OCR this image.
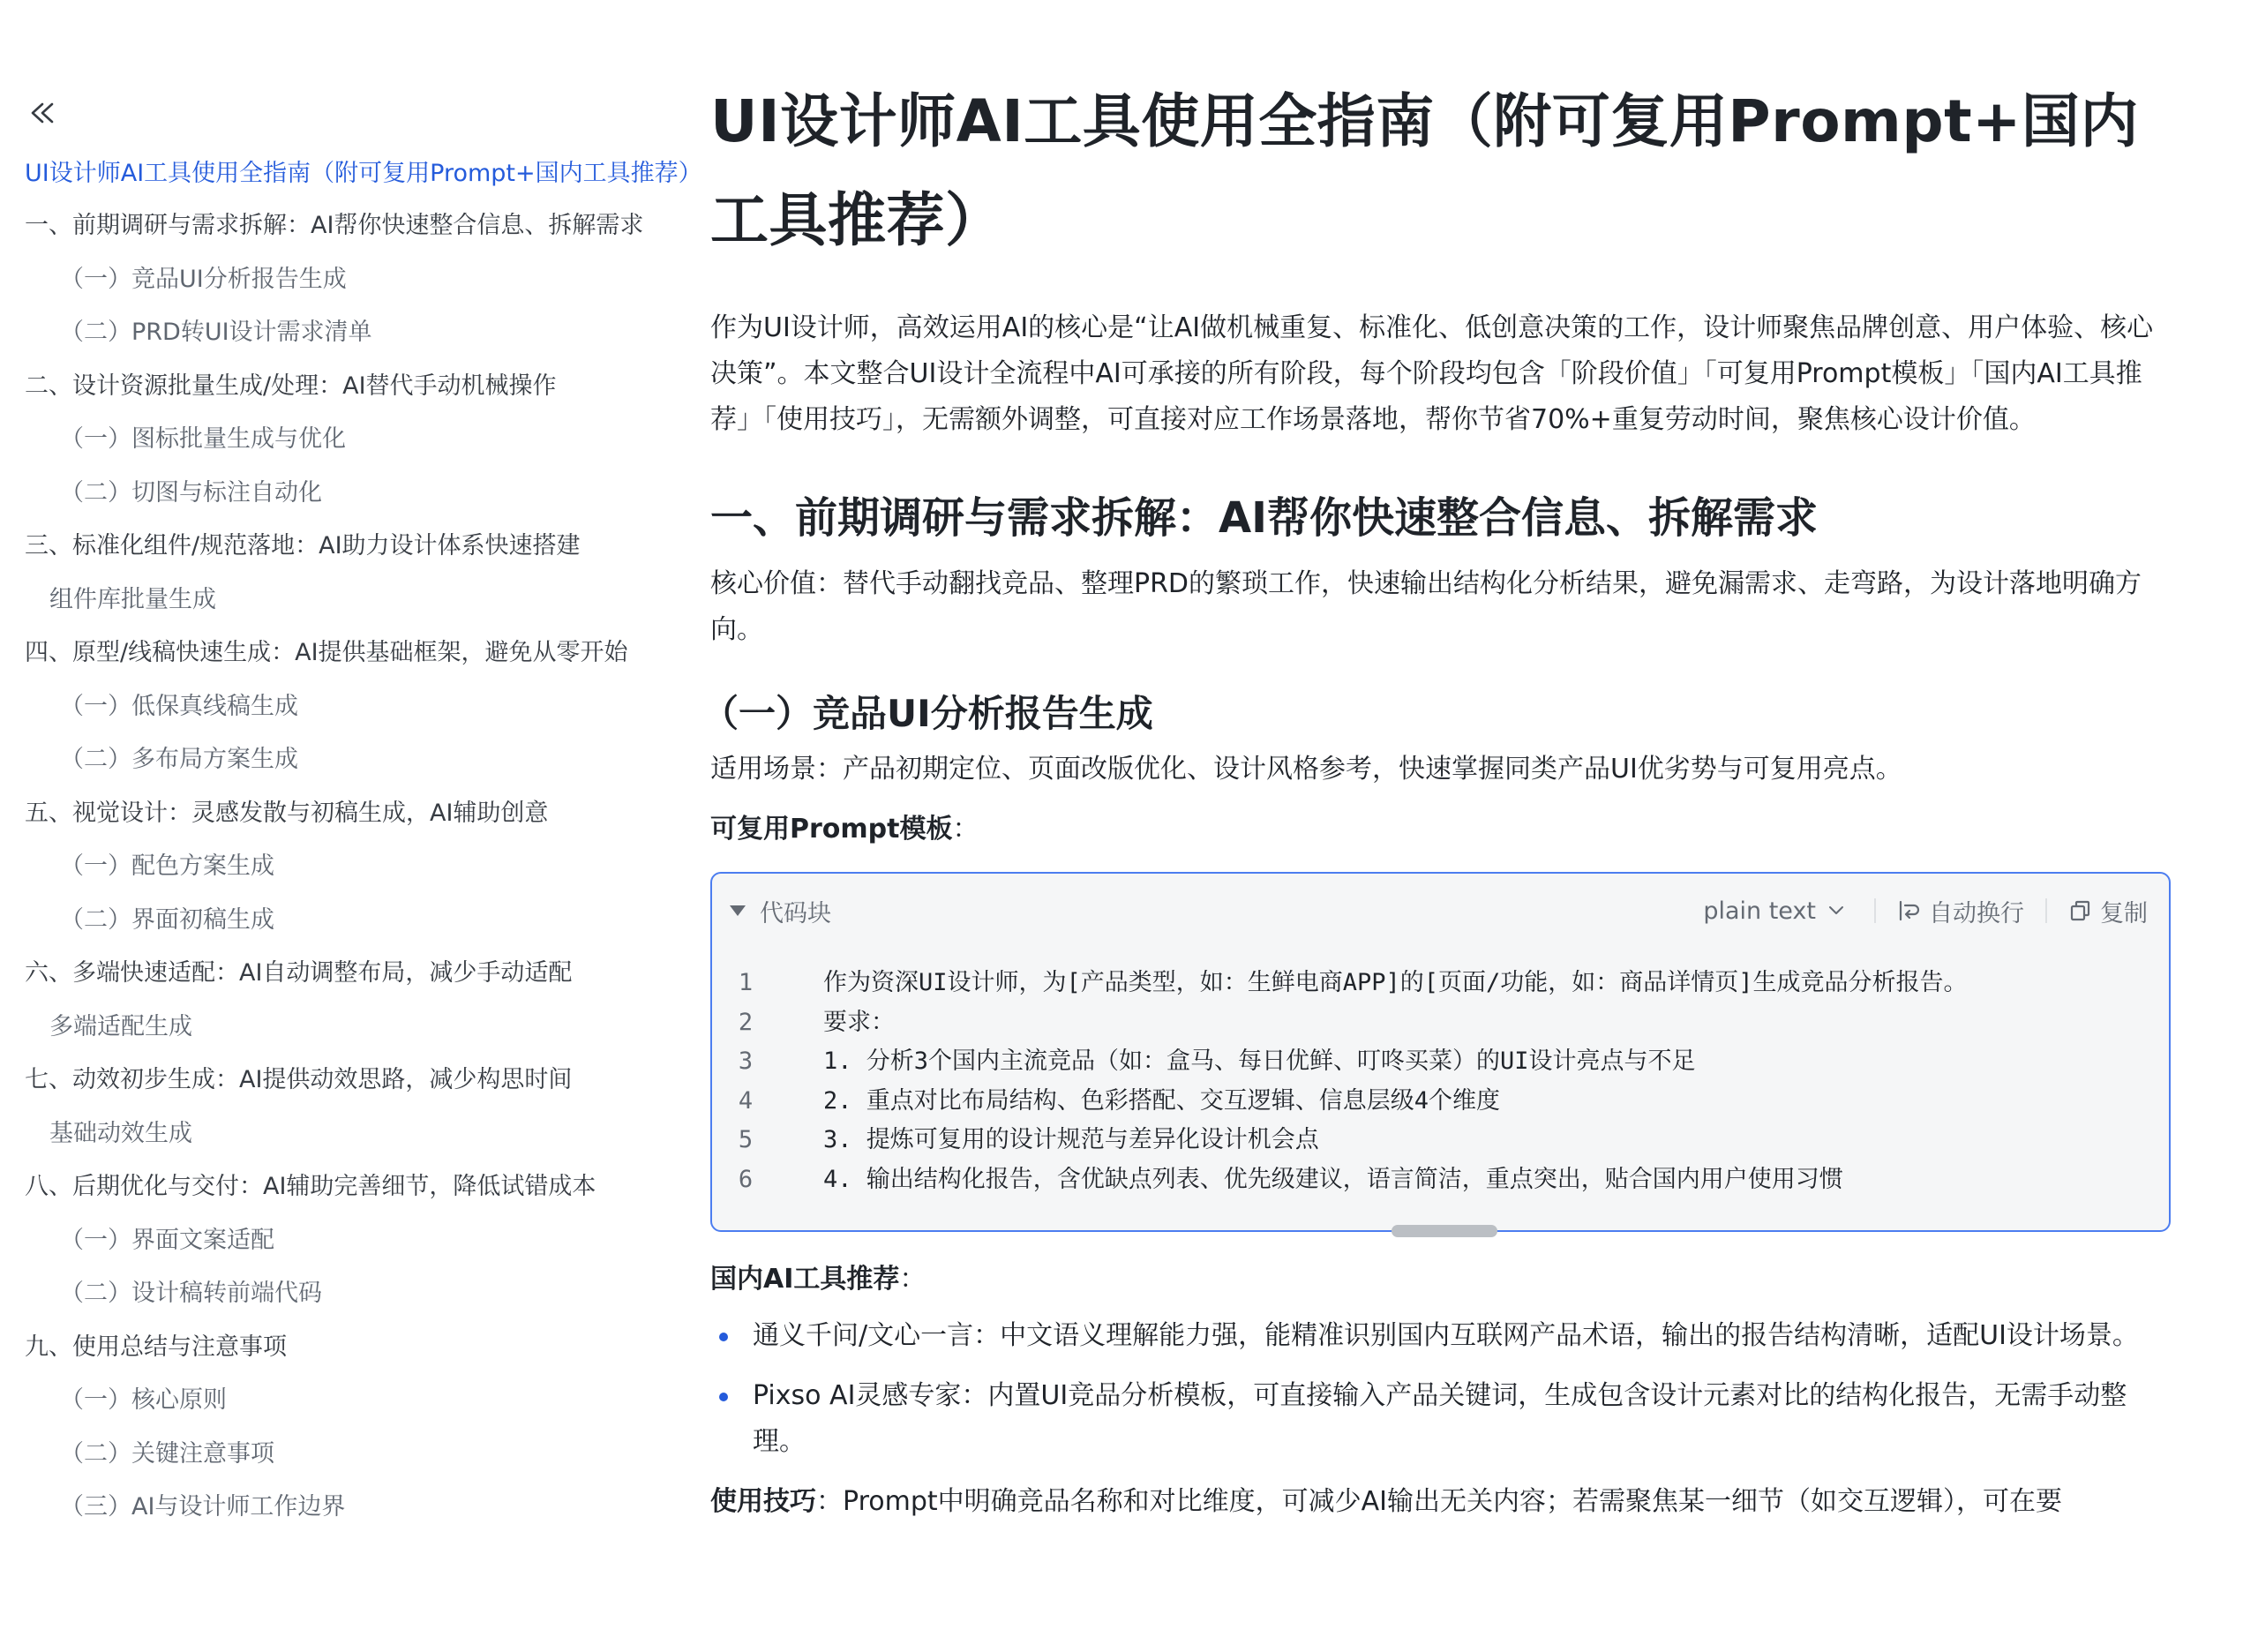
UI设计师AI工具使用全指南（附可复用Prompt+国内工具推荐）
一、前期调研与需求拆解：AI帮你快速整合信息、拆解需求
（一）竞品UI分析报告生成
（二）PRD转UI设计需求清单
二、设计资源批量生成/处理：AI替代手动机械操作
（一）图标批量生成与优化
（二）切图与标注自动化
三、标准化组件/规范落地：AI助力设计体系快速搭建
组件库批量生成
四、原型/线稿快速生成：AI提供基础框架，避免从零开始
（一）低保真线稿生成
（二）多布局方案生成
五、视觉设计：灵感发散与初稿生成，AI辅助创意
（一）配色方案生成
（二）界面初稿生成
六、多端快速适配：AI自动调整布局，减少手动适配
多端适配生成
七、动效初步生成：AI提供动效思路，减少构思时间
基础动效生成
八、后期优化与交付：AI辅助完善细节，降低试错成本
（一）界面文案适配
（二）设计稿转前端代码
九、使用总结与注意事项
（一）核心原则
（二）关键注意事项
（三）AI与设计师工作边界
UI设计师AI工具使用全指南（附可复用Prompt+国内工具推荐）

作为UI设计师，高效运用AI的核心是“让AI做机械重复、标准化、低创意决策的工作，设计师聚焦品牌创意、用户体验、核心决策”。本文整合UI设计全流程中AI可承接的所有阶段，每个阶段均包含「阶段价值」「可复用Prompt模板」「国内AI工具推荐」「使用技巧」，无需额外调整，可直接对应工作场景落地，帮你节省70%+重复劳动时间，聚焦核心设计价值。

一、前期调研与需求拆解：AI帮你快速整合信息、拆解需求

核心价值：替代手动翻找竞品、整理PRD的繁琐工作，快速输出结构化分析结果，避免漏需求、走弯路，为设计落地明确方向。

（一）竞品UI分析报告生成

适用场景：产品初期定位、页面改版优化、设计风格参考，快速掌握同类产品UI优劣势与可复用亮点。

可复用Prompt模板：

代码块	plain text	自动换行	复制
1	作为资深UI设计师，为[产品类型，如：生鲜电商APP]的[页面/功能，如：商品详情页]生成竞品分析报告。
2	要求：
3	1. 分析3个国内主流竞品（如：盒马、每日优鲜、叮咚买菜）的UI设计亮点与不足
4	2. 重点对比布局结构、色彩搭配、交互逻辑、信息层级4个维度
5	3. 提炼可复用的设计规范与差异化设计机会点
6	4. 输出结构化报告，含优缺点列表、优先级建议，语言简洁，重点突出，贴合国内用户使用习惯

国内AI工具推荐：

通义千问/文心一言：中文语义理解能力强，能精准识别国内互联网产品术语，输出的报告结构清晰，适配UI设计场景。
Pixso AI灵感专家：内置UI竞品分析模板，可直接输入产品关键词，生成包含设计元素对比的结构化报告，无需手动整理。

使用技巧：Prompt中明确竞品名称和对比维度，可减少AI输出无关内容；若需聚焦某一细节（如交互逻辑），可在要
